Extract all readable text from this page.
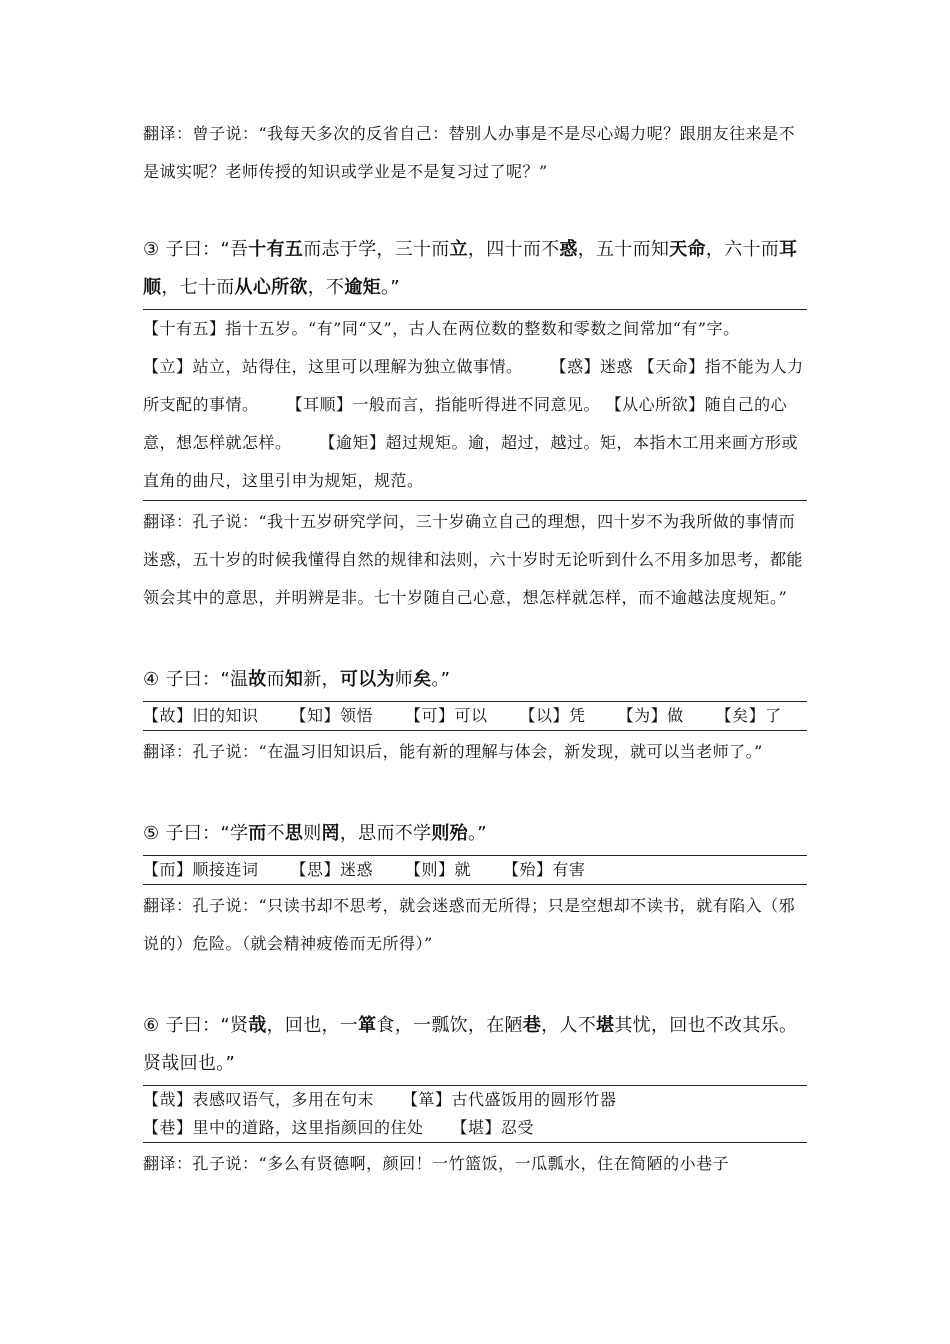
翻译：曾子说：“我每天多次的反省自己：替别人办事是不是尽心竭力呢？跟朋友往来是不是诚实呢？老师传授的知识或学业是不是复习过了呢？”

③ 子曰：“吾十有五而志于学，三十而立，四十而不惑，五十而知天命，六十而耳顺，七十而从心所欲，不逾矩。”

【十有五】指十五岁。“有”同“又”，古人在两位数的整数和零数之间常加“有”字。【立】站立，站得住，这里可以理解为独立做事情。 【惑】迷惑 【天命】指不能为人力所支配的事情。 【耳顺】一般而言，指能听得进不同意见。 【从心所欲】随自己的心意，想怎样就怎样。 【逾矩】超过规矩。逾，超过，越过。矩，本指木工用来画方形或直角的曲尺，这里引申为规矩，规范。

翻译：孔子说：“我十五岁研究学问，三十岁确立自己的理想，四十岁不为我所做的事情而迷惑，五十岁的时候我懂得自然的规律和法则，六十岁时无论听到什么不用多加思考，都能领会其中的意思，并明辨是非。七十岁随自己心意，想怎样就怎样，而不逾越法度规矩。”

④ 子曰：“温故而知新，可以为师矣。”

【故】旧的知识 【知】领悟 【可】可以 【以】凭 【为】做 【矣】了

翻译：孔子说：“在温习旧知识后，能有新的理解与体会，新发现，就可以当老师了。”

⑤ 子曰：“学而不思则罔，思而不学则殆。”

【而】顺接连词 【思】迷惑 【则】就 【殆】有害

翻译：孔子说：“只读书却不思考，就会迷惑而无所得；只是空想却不读书，就有陷入（邪说的）危险。（就会精神疲倦而无所得）”

⑥ 子曰：“贤哉，回也，一箪食，一瓢饮，在陋巷，人不堪其忧，回也不改其乐。贤哉回也。”

【哉】表感叹语气，多用在句末 【箪】古代盛饭用的圆形竹器
【巷】里中的道路，这里指颜回的住处 【堪】忍受

翻译：孔子说：“多么有贤德啊，颜回！一竹篮饭，一瓜瓢水，住在简陋的小巷子
